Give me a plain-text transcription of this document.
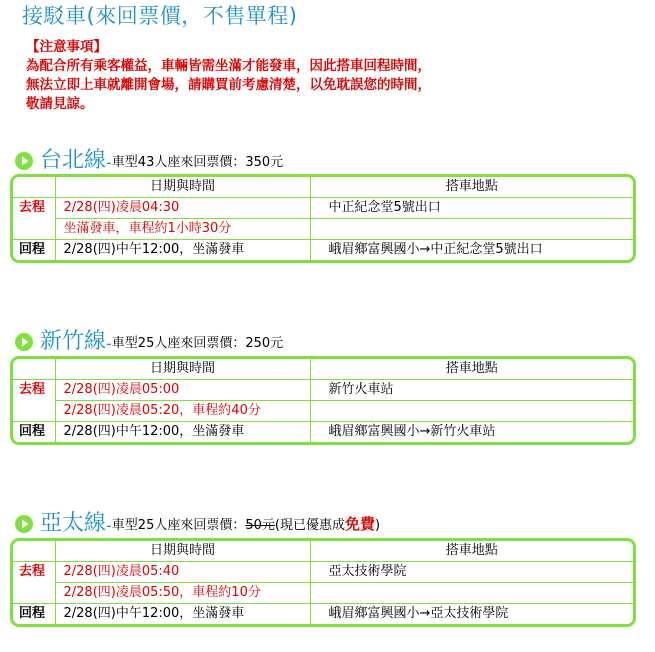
接駁車(來回票價，不售單程)
【注意事項】
為配合所有乘客權益，車輛皆需坐滿才能發車，因此搭車回程時間，
無法立即上車就離開會場，請購買前考慮清楚，以免耽誤您的時間，
敬請見諒。
台北線 - 車型43人座來回票價：350元
	日期與時間	搭車地點
去程	2/28(四)凌晨04:30	中正紀念堂5號出口
	坐滿發車，車程約1小時30分	
回程	2/28(四)中午12:00，坐滿發車	峨眉鄉富興國小→中正紀念堂5號出口
新竹線 - 車型25人座來回票價：250元
	日期與時間	搭車地點
去程	2/28(四)凌晨05:00	新竹火車站
	2/28(四)凌晨05:20，車程約40分	
回程	2/28(四)中午12:00，坐滿發車	峨眉鄉富興國小→新竹火車站
亞太線 - 車型25人座來回票價：50元(現已優惠成免費)
	日期與時間	搭車地點
去程	2/28(四)凌晨05:40	亞太技術學院
	2/28(四)凌晨05:50，車程約10分	
回程	2/28(四)中午12:00，坐滿發車	峨眉鄉富興國小→亞太技術學院
